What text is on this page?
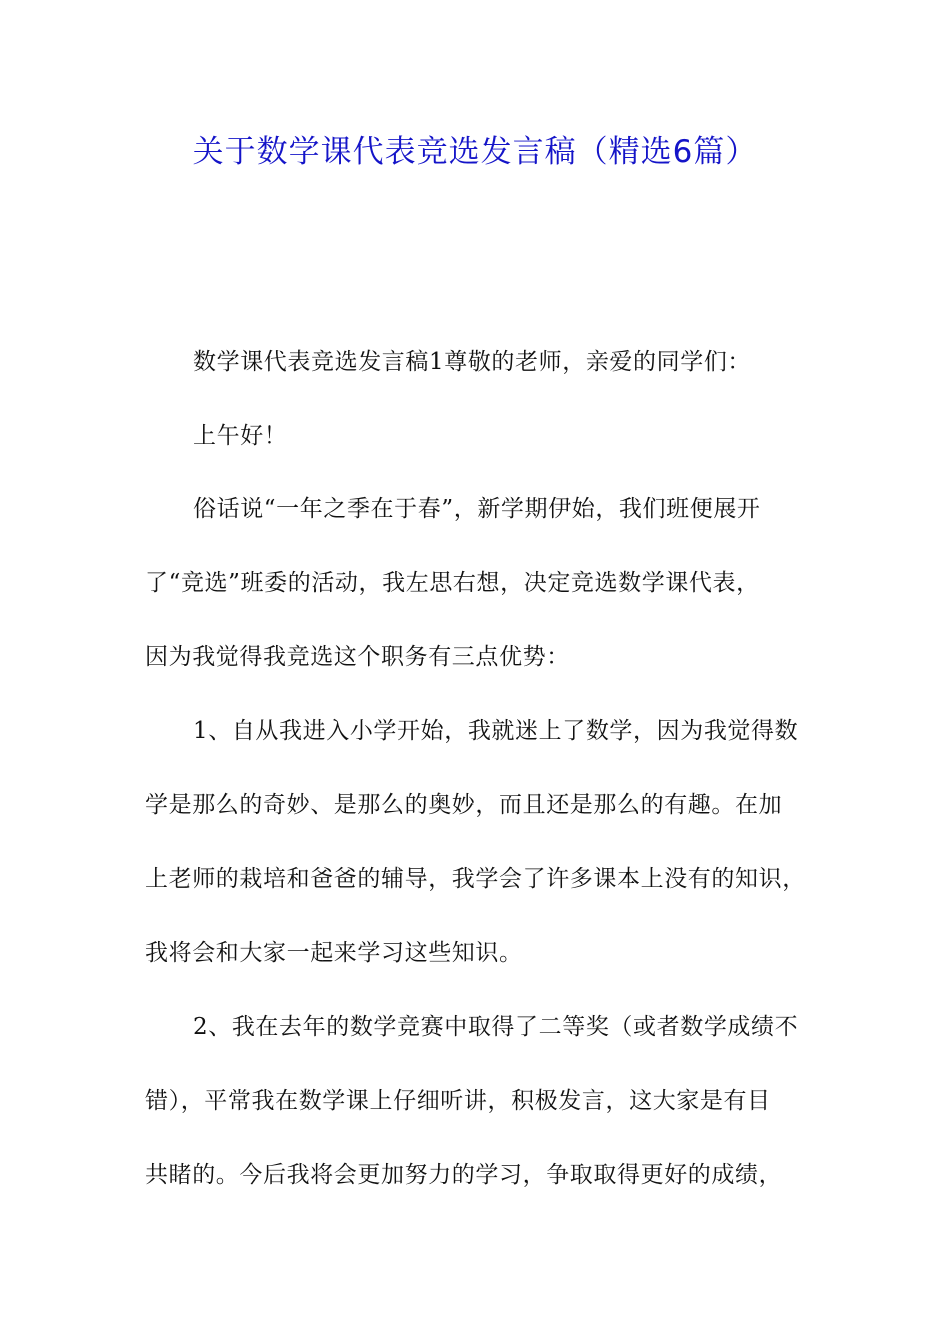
关于数学课代表竞选发言稿（精选6篇）
数学课代表竞选发言稿1尊敬的老师，亲爱的同学们：
上午好！
俗话说“一年之季在于春”，新学期伊始，我们班便展开
了“竞选”班委的活动，我左思右想，决定竞选数学课代表，
因为我觉得我竞选这个职务有三点优势：
1、自从我进入小学开始，我就迷上了数学，因为我觉得数
学是那么的奇妙、是那么的奥妙，而且还是那么的有趣。在加
上老师的栽培和爸爸的辅导，我学会了许多课本上没有的知识，
我将会和大家一起来学习这些知识。
2、我在去年的数学竞赛中取得了二等奖（或者数学成绩不
错），平常我在数学课上仔细听讲，积极发言，这大家是有目
共睹的。今后我将会更加努力的学习，争取取得更好的成绩，
